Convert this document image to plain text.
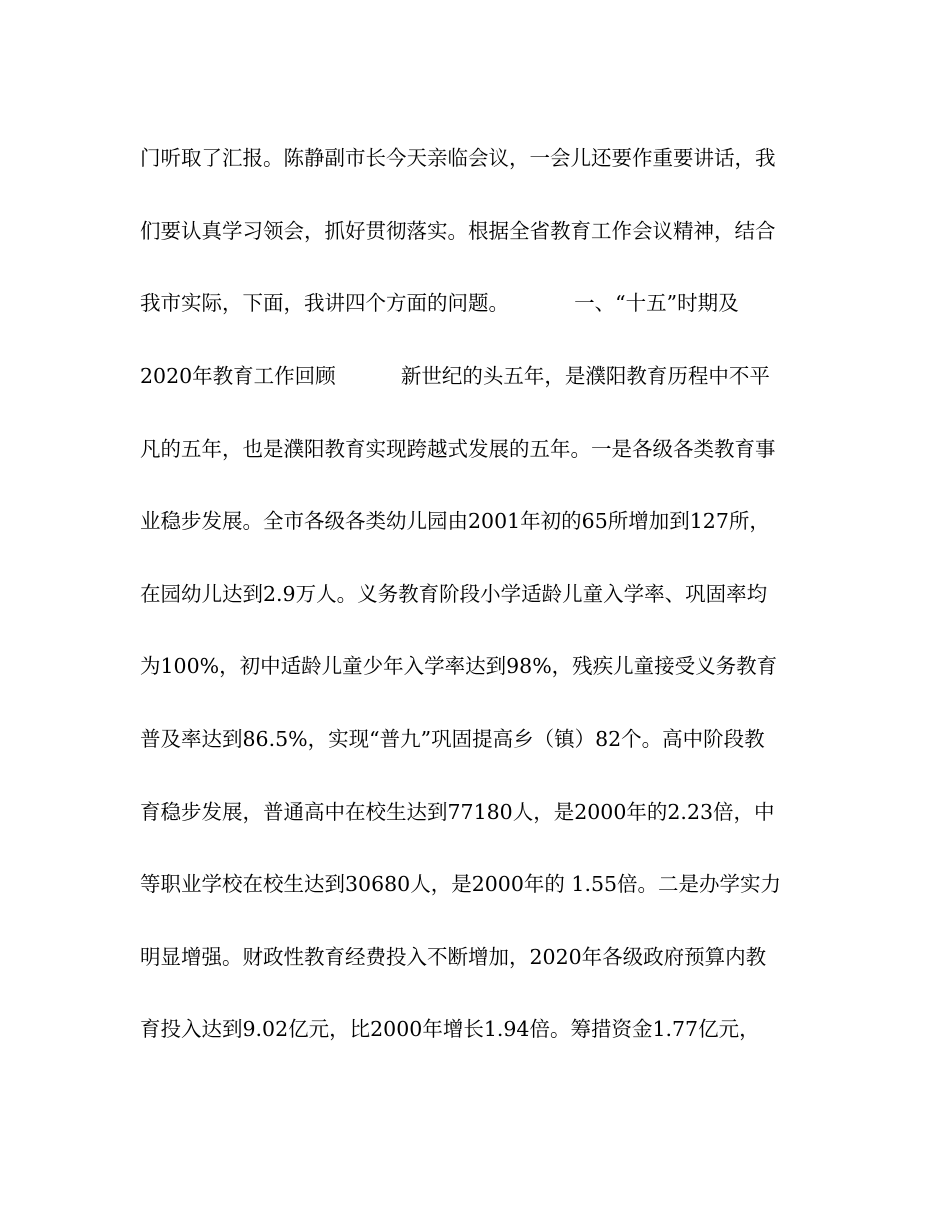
门听取了汇报。陈静副市长今天亲临会议，一会儿还要作重要讲话，我
们要认真学习领会，抓好贯彻落实。根据全省教育工作会议精神，结合
我市实际，下面，我讲四个方面的问题。          一、“十五”时期及
2020年教育工作回顾          新世纪的头五年，是濮阳教育历程中不平
凡的五年，也是濮阳教育实现跨越式发展的五年。一是各级各类教育事
业稳步发展。全市各级各类幼儿园由2001年初的65所增加到127所，
在园幼儿达到2.9万人。义务教育阶段小学适龄儿童入学率、巩固率均
为100%，初中适龄儿童少年入学率达到98%，残疾儿童接受义务教育
普及率达到86.5%，实现“普九”巩固提高乡（镇）82个。高中阶段教
育稳步发展，普通高中在校生达到77180人，是2000年的2.23倍，中
等职业学校在校生达到30680人，是2000年的 1.55倍。二是办学实力
明显增强。财政性教育经费投入不断增加，2020年各级政府预算内教
育投入达到9.02亿元，比2000年增长1.94倍。筹措资金1.77亿元，
